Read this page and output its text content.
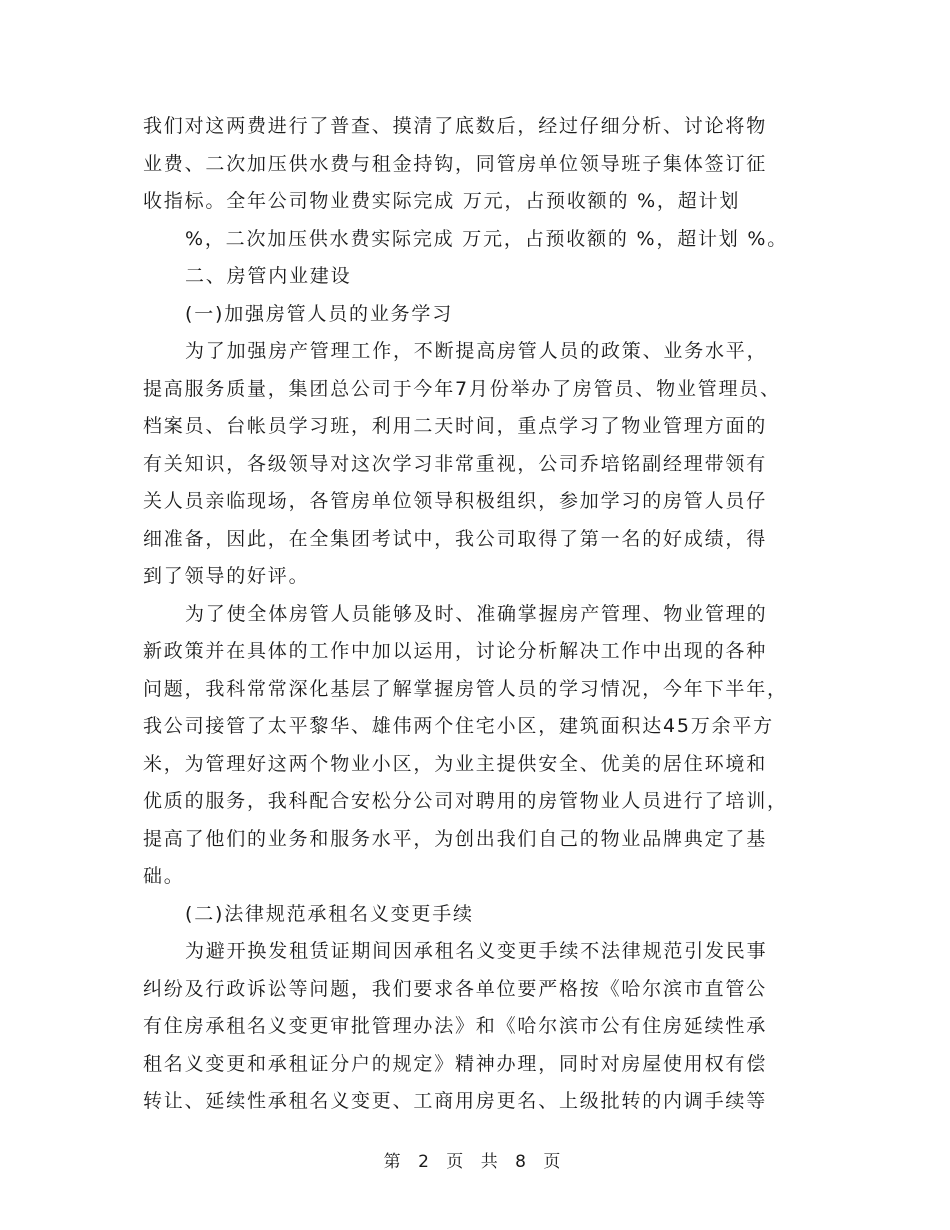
我们对这两费进行了普查、摸清了底数后，经过仔细分析、讨论将物
业费、二次加压供水费与租金持钩，同管房单位领导班子集体签订征
收指标。全年公司物业费实际完成 万元，占预收额的 %，超计划
%，二次加压供水费实际完成 万元，占预收额的 %，超计划 %。
二、房管内业建设
(一)加强房管人员的业务学习
为了加强房产管理工作，不断提高房管人员的政策、业务水平，
提高服务质量，集团总公司于今年7月份举办了房管员、物业管理员、
档案员、台帐员学习班，利用二天时间，重点学习了物业管理方面的
有关知识，各级领导对这次学习非常重视，公司乔培铭副经理带领有
关人员亲临现场，各管房单位领导积极组织，参加学习的房管人员仔
细准备，因此，在全集团考试中，我公司取得了第一名的好成绩，得
到了领导的好评。
为了使全体房管人员能够及时、准确掌握房产管理、物业管理的
新政策并在具体的工作中加以运用，讨论分析解决工作中出现的各种
问题，我科常常深化基层了解掌握房管人员的学习情况，今年下半年，
我公司接管了太平黎华、雄伟两个住宅小区，建筑面积达45万余平方
米，为管理好这两个物业小区，为业主提供安全、优美的居住环境和
优质的服务，我科配合安松分公司对聘用的房管物业人员进行了培训，
提高了他们的业务和服务水平，为创出我们自己的物业品牌典定了基
础。
(二)法律规范承租名义变更手续
为避开换发租赁证期间因承租名义变更手续不法律规范引发民事
纠纷及行政诉讼等问题，我们要求各单位要严格按《哈尔滨市直管公
有住房承租名义变更审批管理办法》和《哈尔滨市公有住房延续性承
租名义变更和承租证分户的规定》精神办理，同时对房屋使用权有偿
转让、延续性承租名义变更、工商用房更名、上级批转的内调手续等
第 2 页 共 8 页
